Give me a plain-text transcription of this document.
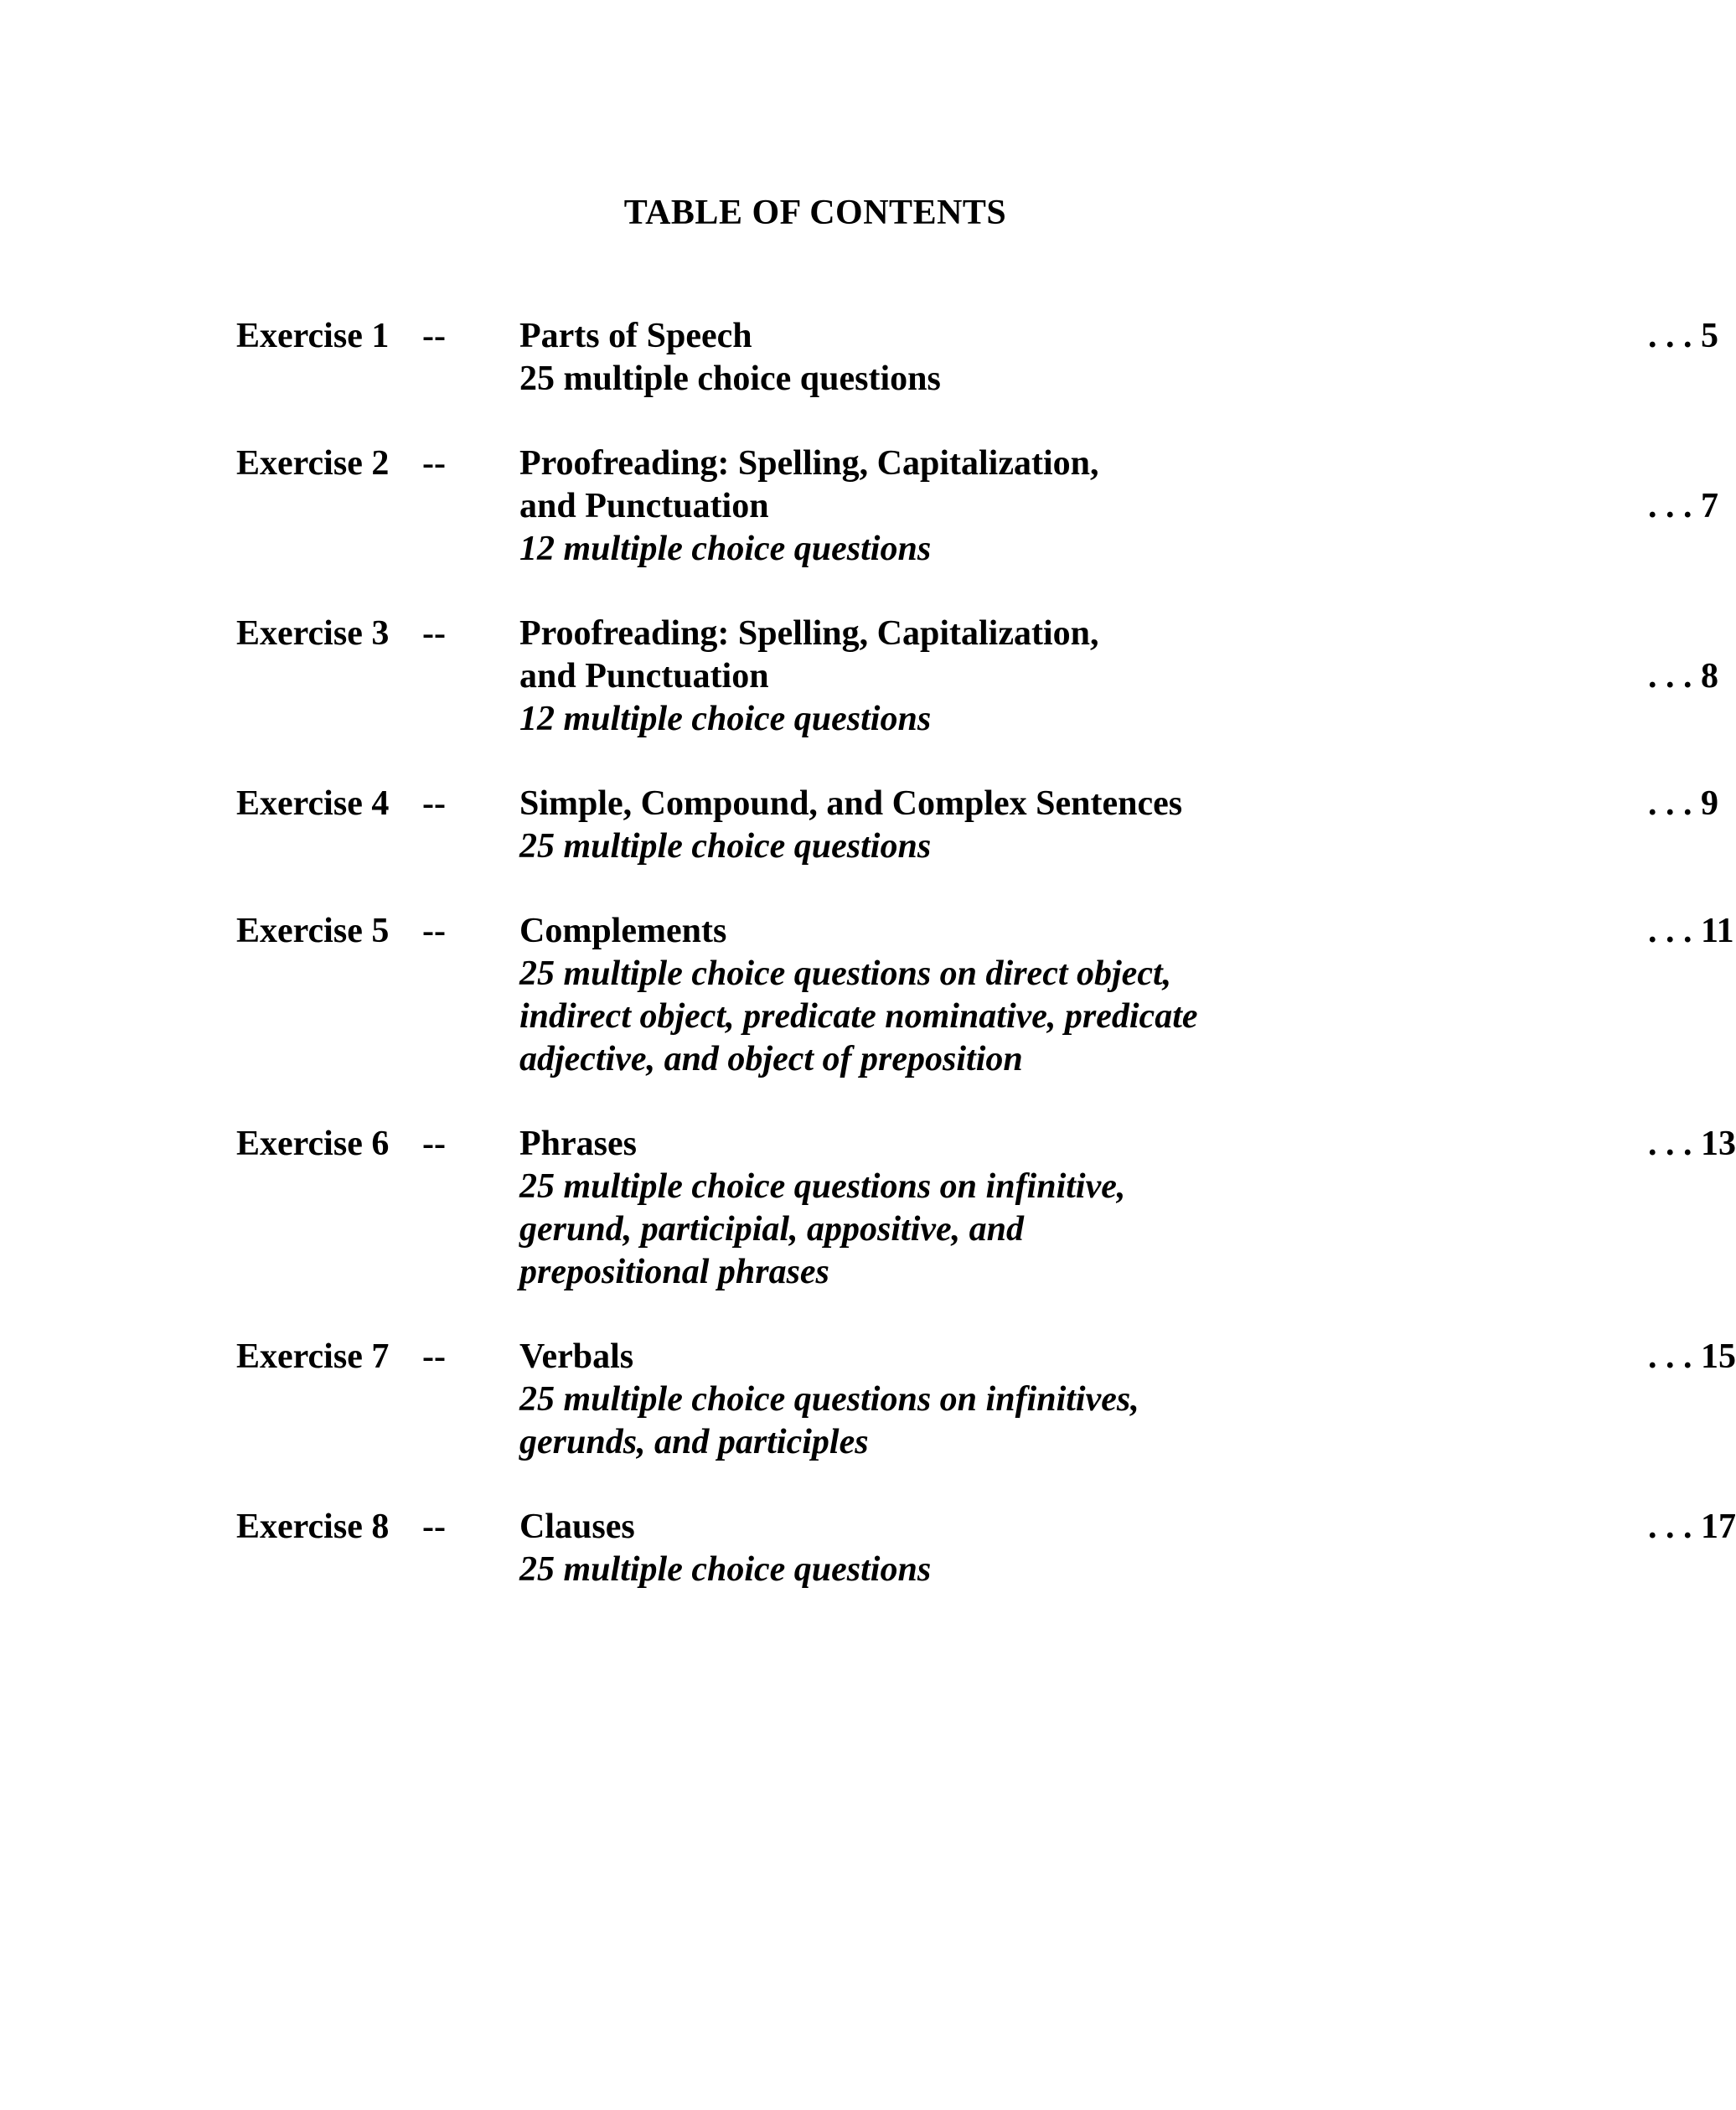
TABLE OF CONTENTS
Exercise 1 -- Parts of Speech	. . . 5
25 multiple choice questions
Exercise 2 -- Proofreading: Spelling, Capitalization,
and Punctuation	. . . 7
12 multiple choice questions
Exercise 3 -- Proofreading: Spelling, Capitalization,
and Punctuation	. . . 8
12 multiple choice questions
Exercise 4 -- Simple, Compound, and Complex Sentences	. . . 9
25 multiple choice questions
Exercise 5 -- Complements	. . . 11
25 multiple choice questions on direct object,
indirect object, predicate nominative, predicate
adjective, and object of preposition
Exercise 6 -- Phrases	. . . 13
25 multiple choice questions on infinitive,
gerund, participial, appositive, and
prepositional phrases
Exercise 7 -- Verbals	. . . 15
25 multiple choice questions on infinitives,
gerunds, and participles
Exercise 8 -- Clauses	. . . 17
25 multiple choice questions
